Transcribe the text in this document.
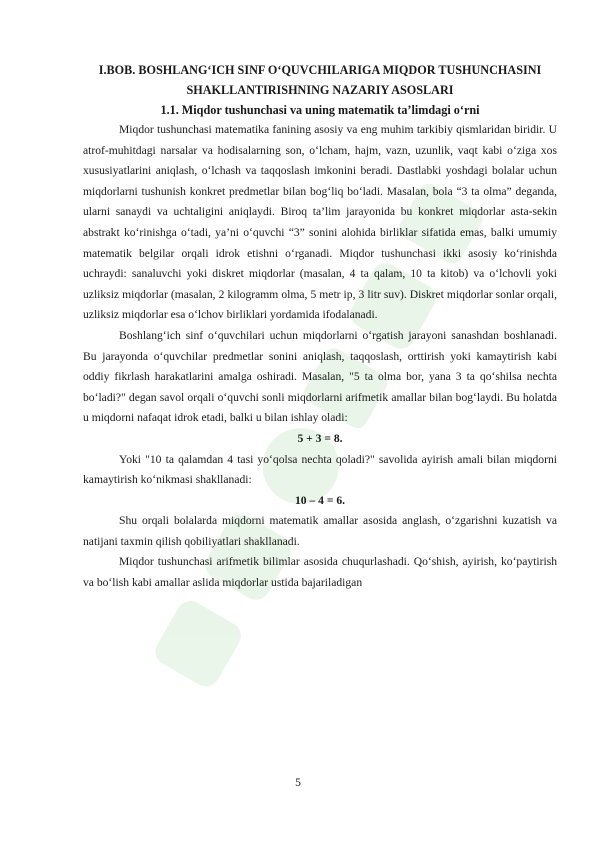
I.BOB. BOSHLANG‘ICH SINF O‘QUVCHILARIGA MIQDOR TUSHUNCHASINI SHAKLLANTIRISHNING NAZARIY ASOSLARI
1.1. Miqdor tushunchasi va uning matematik ta’limdagi o‘rni

Miqdor tushunchasi matematika fanining asosiy va eng muhim tarkibiy qismlaridan biridir. U atrof-muhitdagi narsalar va hodisalarning son, o‘lcham, hajm, vazn, uzunlik, vaqt kabi o‘ziga xos xususiyatlarini aniqlash, o‘lchash va taqqoslash imkonini beradi. Dastlabki yoshdagi bolalar uchun miqdorlarni tushunish konkret predmetlar bilan bog‘liq bo‘ladi. Masalan, bola “3 ta olma” deganda, ularni sanaydi va uchtaligini aniqlaydi. Biroq ta’lim jarayonida bu konkret miqdorlar asta-sekin abstrakt ko‘rinishga o‘tadi, ya’ni o‘quvchi “3” sonini alohida birliklar sifatida emas, balki umumiy matematik belgilar orqali idrok etishni o‘rganadi. Miqdor tushunchasi ikki asosiy ko‘rinishda uchraydi: sanaluvchi yoki diskret miqdorlar (masalan, 4 ta qalam, 10 ta kitob) va o‘lchovli yoki uzliksiz miqdorlar (masalan, 2 kilogramm olma, 5 metr ip, 3 litr suv). Diskret miqdorlar sonlar orqali, uzliksiz miqdorlar esa o‘lchov birliklari yordamida ifodalanadi.

Boshlang‘ich sinf o‘quvchilari uchun miqdorlarni o‘rgatish jarayoni sanashdan boshlanadi. Bu jarayonda o‘quvchilar predmetlar sonini aniqlash, taqqoslash, orttirish yoki kamaytirish kabi oddiy fikrlash harakatlarini amalga oshiradi. Masalan, "5 ta olma bor, yana 3 ta qo‘shilsa nechta bo‘ladi?" degan savol orqali o‘quvchi sonli miqdorlarni arifmetik amallar bilan bog‘laydi. Bu holatda u miqdorni nafaqat idrok etadi, balki u bilan ishlay oladi:

5 + 3 = 8.

Yoki "10 ta qalamdan 4 tasi yo‘qolsa nechta qoladi?" savolida ayirish amali bilan miqdorni kamaytirish ko‘nikmasi shakllanadi:

10 – 4 = 6.

Shu orqali bolalarda miqdorni matematik amallar asosida anglash, o‘zgarishni kuzatish va natijani taxmin qilish qobiliyatlari shakllanadi.

Miqdor tushunchasi arifmetik bilimlar asosida chuqurlashadi. Qo‘shish, ayirish, ko‘paytirish va bo‘lish kabi amallar aslida miqdorlar ustida bajariladigan

5
